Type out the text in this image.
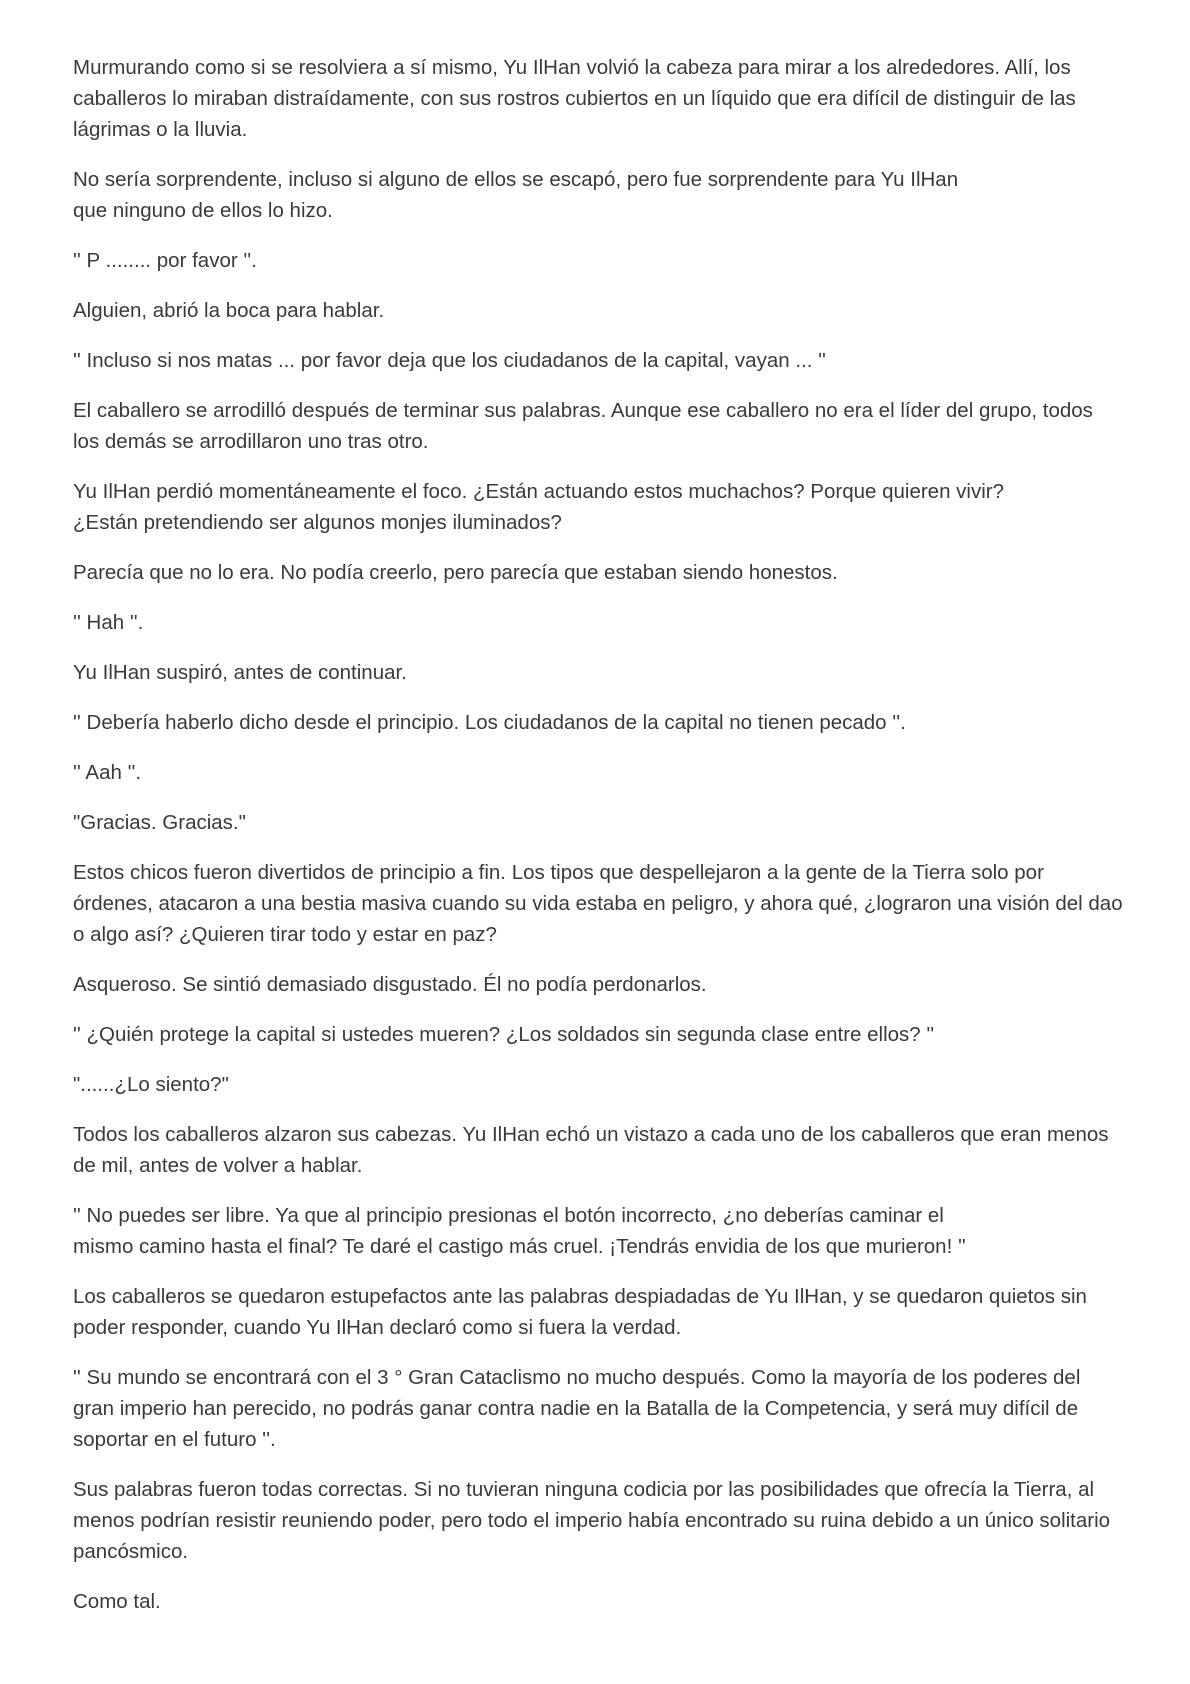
Murmurando como si se resolviera a sí mismo, Yu IlHan volvió la cabeza para mirar a los alrededores. Allí, los caballeros lo miraban distraídamente, con sus rostros cubiertos en un líquido que era difícil de distinguir de las lágrimas o la lluvia.

No sería sorprendente, incluso si alguno de ellos se escapó, pero fue sorprendente para Yu IlHan
que ninguno de ellos lo hizo.

'' P ........ por favor ''.

Alguien, abrió la boca para hablar.

'' Incluso si nos matas ... por favor deja que los ciudadanos de la capital, vayan ... ''

El caballero se arrodilló después de terminar sus palabras. Aunque ese caballero no era el líder del grupo, todos los demás se arrodillaron uno tras otro.

Yu IlHan perdió momentáneamente el foco. ¿Están actuando estos muchachos? Porque quieren vivir?
¿Están pretendiendo ser algunos monjes iluminados?

Parecía que no lo era. No podía creerlo, pero parecía que estaban siendo honestos.

'' Hah ''.

Yu IlHan suspiró, antes de continuar.

'' Debería haberlo dicho desde el principio. Los ciudadanos de la capital no tienen pecado ''.

'' Aah ''.

"Gracias. Gracias."

Estos chicos fueron divertidos de principio a fin. Los tipos que despellejaron a la gente de la Tierra solo por órdenes, atacaron a una bestia masiva cuando su vida estaba en peligro, y ahora qué, ¿lograron una visión del dao o algo así? ¿Quieren tirar todo y estar en paz?

Asqueroso. Se sintió demasiado disgustado. Él no podía perdonarlos.

'' ¿Quién protege la capital si ustedes mueren? ¿Los soldados sin segunda clase entre ellos? ''

"......¿Lo siento?"

Todos los caballeros alzaron sus cabezas. Yu IlHan echó un vistazo a cada uno de los caballeros que eran menos de mil, antes de volver a hablar.

'' No puedes ser libre. Ya que al principio presionas el botón incorrecto, ¿no deberías caminar el
mismo camino hasta el final? Te daré el castigo más cruel. ¡Tendrás envidia de los que murieron! ''

Los caballeros se quedaron estupefactos ante las palabras despiadadas de Yu IlHan, y se quedaron quietos sin poder responder, cuando Yu IlHan declaró como si fuera la verdad.

'' Su mundo se encontrará con el 3 ° Gran Cataclismo no mucho después. Como la mayoría de los poderes del gran imperio han perecido, no podrás ganar contra nadie en la Batalla de la Competencia, y será muy difícil de soportar en el futuro ''.

Sus palabras fueron todas correctas. Si no tuvieran ninguna codicia por las posibilidades que ofrecía la Tierra, al menos podrían resistir reuniendo poder, pero todo el imperio había encontrado su ruina debido a un único solitario pancósmico.

Como tal.
